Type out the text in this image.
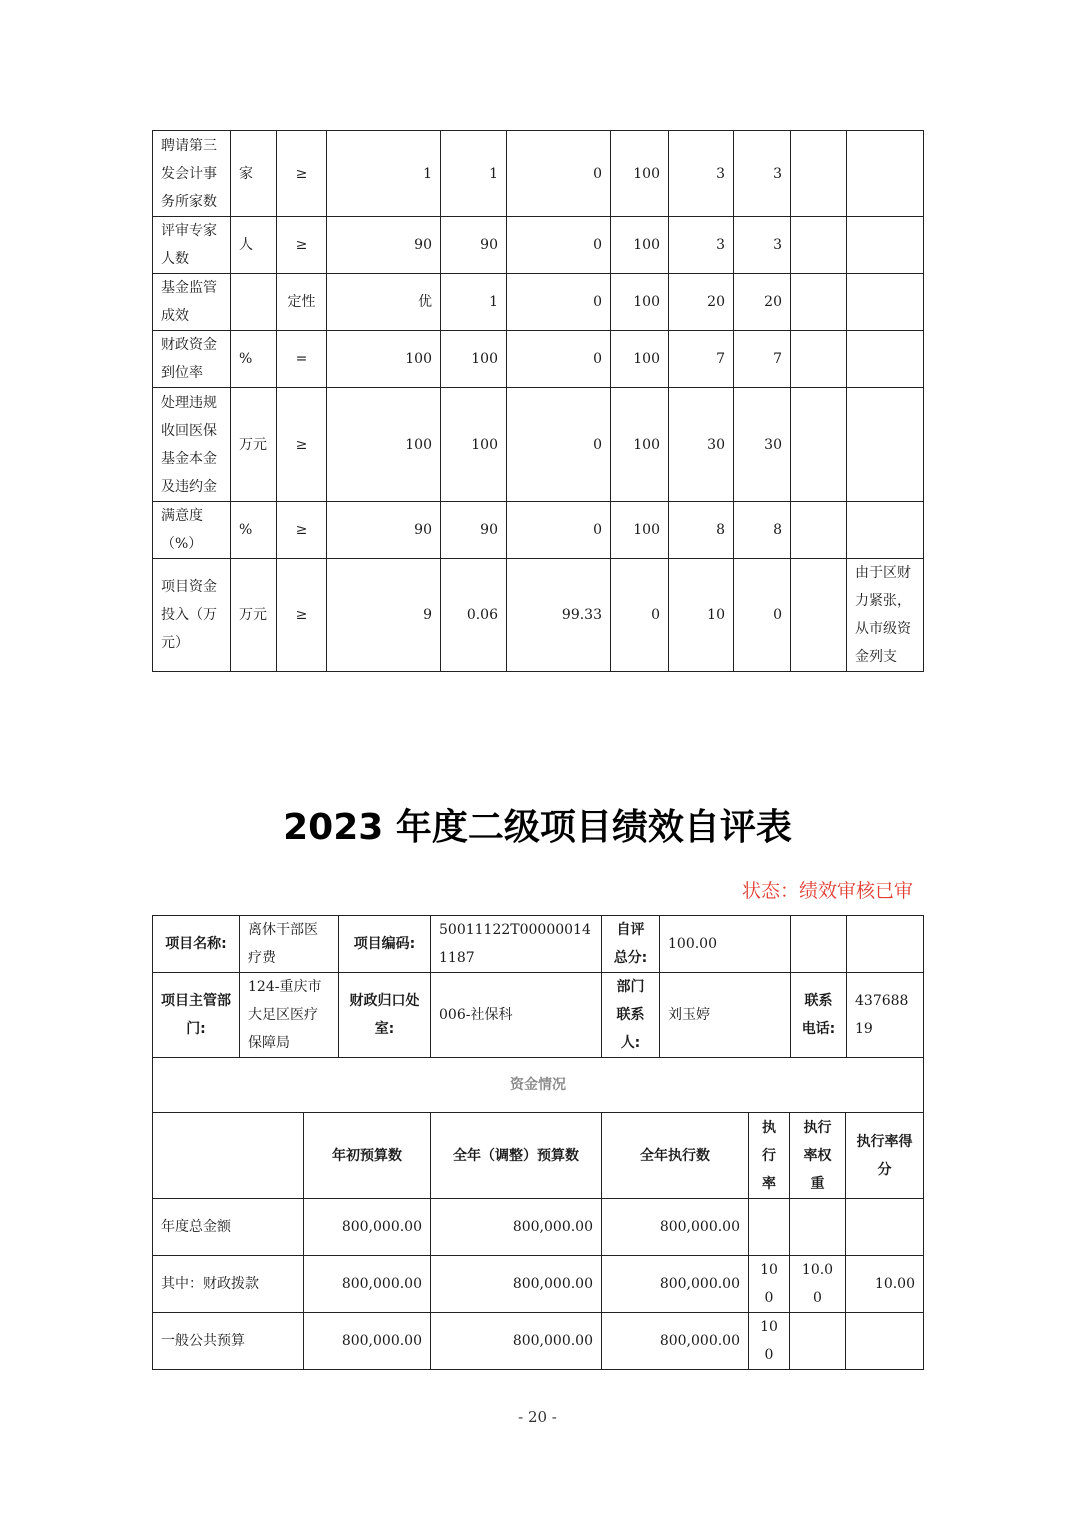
聘请第三发会计事务所家数	家	≥	1	1	0	100	3	3		
评审专家人数	人	≥	90	90	0	100	3	3		
基金监管成效		定性	优	1	0	100	20	20		
财政资金到位率	%	=	100	100	0	100	7	7		
处理违规收回医保基金本金及违约金	万元	≥	100	100	0	100	30	30		
满意度（%）	%	≥	90	90	0	100	8	8		
项目资金投入（万元）	万元	≥	9	0.06	99.33	0	10	0		由于区财力紧张，从市级资金列支
2023 年度二级项目绩效自评表
状态：绩效审核已审
项目名称:	离休干部医疗费	项目编码:	50011122T000000141187	自评总分:	100.00		
项目主管部门:	124-重庆市大足区医疗保障局	财政归口处室:	006-社保科	部门联系人:	刘玉婷	联系电话:	43768819
资金情况							
	年初预算数	全年（调整）预算数	全年执行数	执行率	执行率权重	执行率得分
年度总金额	800,000.00	800,000.00	800,000.00			
其中：财政拨款	800,000.00	800,000.00	800,000.00	100	10.00	10.00
一般公共预算	800,000.00	800,000.00	800,000.00	100		
- 20 -
